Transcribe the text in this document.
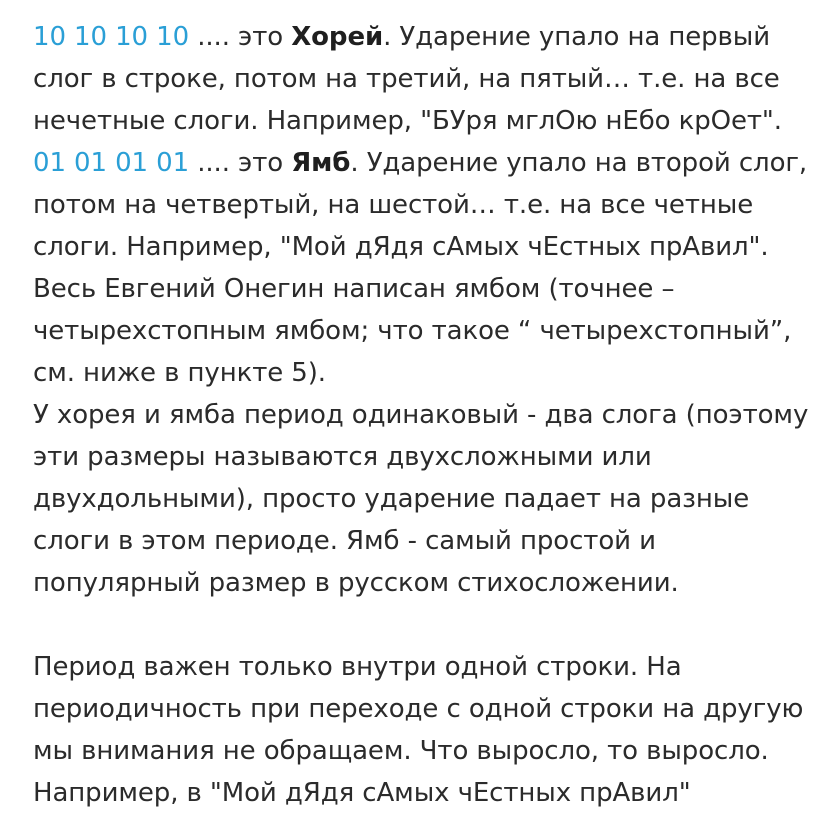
10 10 10 10 .... это Хорей. Ударение упало на первый слог в строке, потом на третий, на пятый… т.е. на все нечетные слоги. Например, "БУря мглОю нЕбо крОет".

01 01 01 01 .... это Ямб. Ударение упало на второй слог, потом на четвертый, на шестой… т.е. на все четные слоги. Например, "Мой дЯдя сАмых чЕстных прАвил". Весь Евгений Онегин написан ямбом (точнее – четырехстопным ямбом; что такое “ четырехстопный”, см. ниже в пункте 5).

У хорея и ямба период одинаковый - два слога (поэтому эти размеры называются двухсложными или двухдольными), просто ударение падает на разные слоги в этом периоде. Ямб - самый простой и популярный размер в русском стихосложении.

Период важен только внутри одной строки. На периодичность при переходе с одной строки на другую мы внимания не обращаем. Что выросло, то выросло. Например, в "Мой дЯдя сАмых чЕстных прАвил"
